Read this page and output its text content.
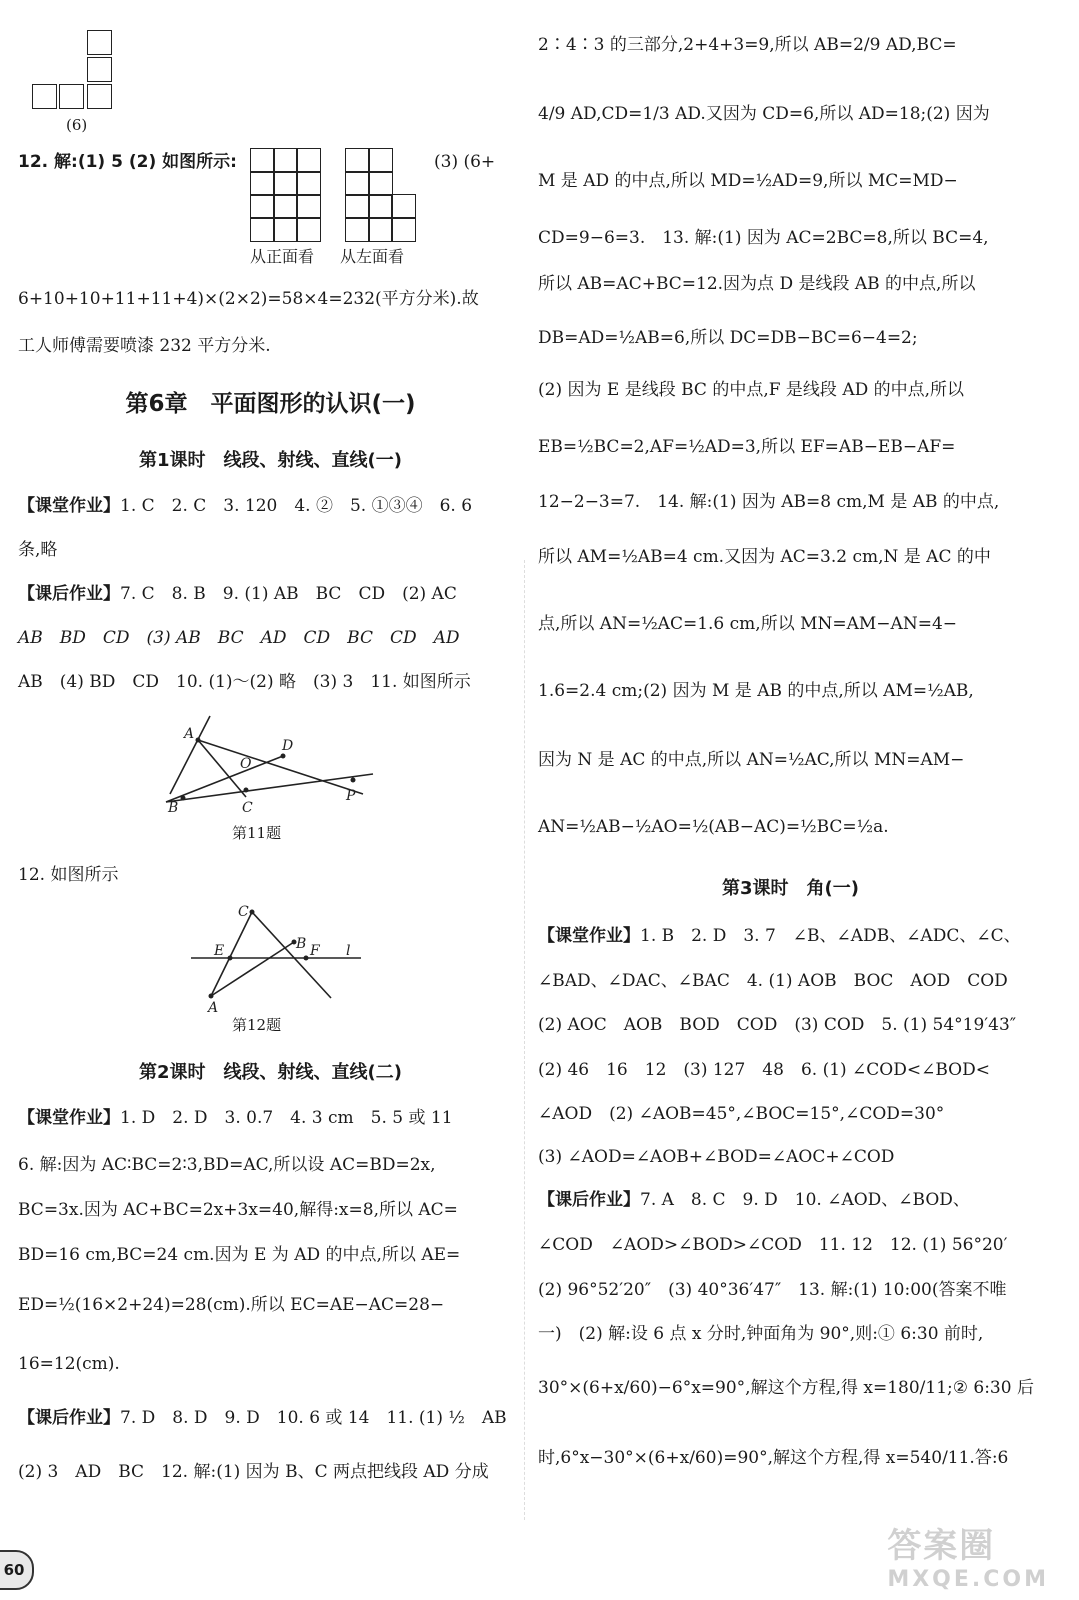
(6)
12. 解:(1) 5 (2) 如图所示:	(3) (6+
从正面看 从左面看
6+10+10+11+11+4)×(2×2)=58×4=232(平方分米).故
工人师傅需要喷漆 232 平方分米.
第6章　平面图形的认识(一)
第1课时　线段、射线、直线(一)
【课堂作业】1. C　2. C　3. 120　4. ②　5. ①③④　6. 6
条,略
【课后作业】7. C　8. B　9. (1) AB　BC　CD　(2) AC
AB　BD　CD　(3) AB　BC　AD　CD　BC　CD　AD
AB　(4) BD　CD　10. (1)～(2) 略　(3) 3　11. 如图所示
A
D
O
B	C
P
第11题
12. 如图所示
C
B
E	F l
A
第12题
第2课时　线段、射线、直线(二)
【课堂作业】1. D　2. D　3. 0.7　4. 3 cm　5. 5 或 11
6. 解:因为 AC∶BC=2∶3,BD=AC,所以设 AC=BD=2x,
BC=3x.因为 AC+BC=2x+3x=40,解得:x=8,所以 AC=
BD=16 cm,BC=24 cm.因为 E 为 AD 的中点,所以 AE=
ED=½(16×2+24)=28(cm).所以 EC=AE−AC=28−
16=12(cm).
【课后作业】7. D　8. D　9. D　10. 6 或 14　11. (1) ½　AB
(2) 3　AD　BC　12. 解:(1) 因为 B、C 两点把线段 AD 分成
2∶4∶3 的三部分,2+4+3=9,所以 AB=2/9 AD,BC=
4/9 AD,CD=1/3 AD.又因为 CD=6,所以 AD=18;(2) 因为
M 是 AD 的中点,所以 MD=½AD=9,所以 MC=MD−
CD=9−6=3.　13. 解:(1) 因为 AC=2BC=8,所以 BC=4,
所以 AB=AC+BC=12.因为点 D 是线段 AB 的中点,所以
DB=AD=½AB=6,所以 DC=DB−BC=6−4=2;
(2) 因为 E 是线段 BC 的中点,F 是线段 AD 的中点,所以
EB=½BC=2,AF=½AD=3,所以 EF=AB−EB−AF=
12−2−3=7.　14. 解:(1) 因为 AB=8 cm,M 是 AB 的中点,
所以 AM=½AB=4 cm.又因为 AC=3.2 cm,N 是 AC 的中
点,所以 AN=½AC=1.6 cm,所以 MN=AM−AN=4−
1.6=2.4 cm;(2) 因为 M 是 AB 的中点,所以 AM=½AB,
因为 N 是 AC 的中点,所以 AN=½AC,所以 MN=AM−
AN=½AB−½AO=½(AB−AC)=½BC=½a.
第3课时　角(一)
【课堂作业】1. B　2. D　3. 7　∠B、∠ADB、∠ADC、∠C、
∠BAD、∠DAC、∠BAC　4. (1) AOB　BOC　AOD　COD
(2) AOC　AOB　BOD　COD　(3) COD　5. (1) 54°19′43″
(2) 46　16　12　(3) 127　48　6. (1) ∠COD<∠BOD<
∠AOD　(2) ∠AOB=45°,∠BOC=15°,∠COD=30°
(3) ∠AOD=∠AOB+∠BOD=∠AOC+∠COD
【课后作业】7. A　8. C　9. D　10. ∠AOD、∠BOD、
∠COD　∠AOD>∠BOD>∠COD　11. 12　12. (1) 56°20′
(2) 96°52′20″　(3) 40°36′47″　13. 解:(1) 10:00(答案不唯
一)　(2) 解:设 6 点 x 分时,钟面角为 90°,则:① 6:30 前时,
30°×(6+x/60)−6°x=90°,解这个方程,得 x=180/11;② 6:30 后
时,6°x−30°×(6+x/60)=90°,解这个方程,得 x=540/11.答:6
60
答案圈
MXQE.COM
